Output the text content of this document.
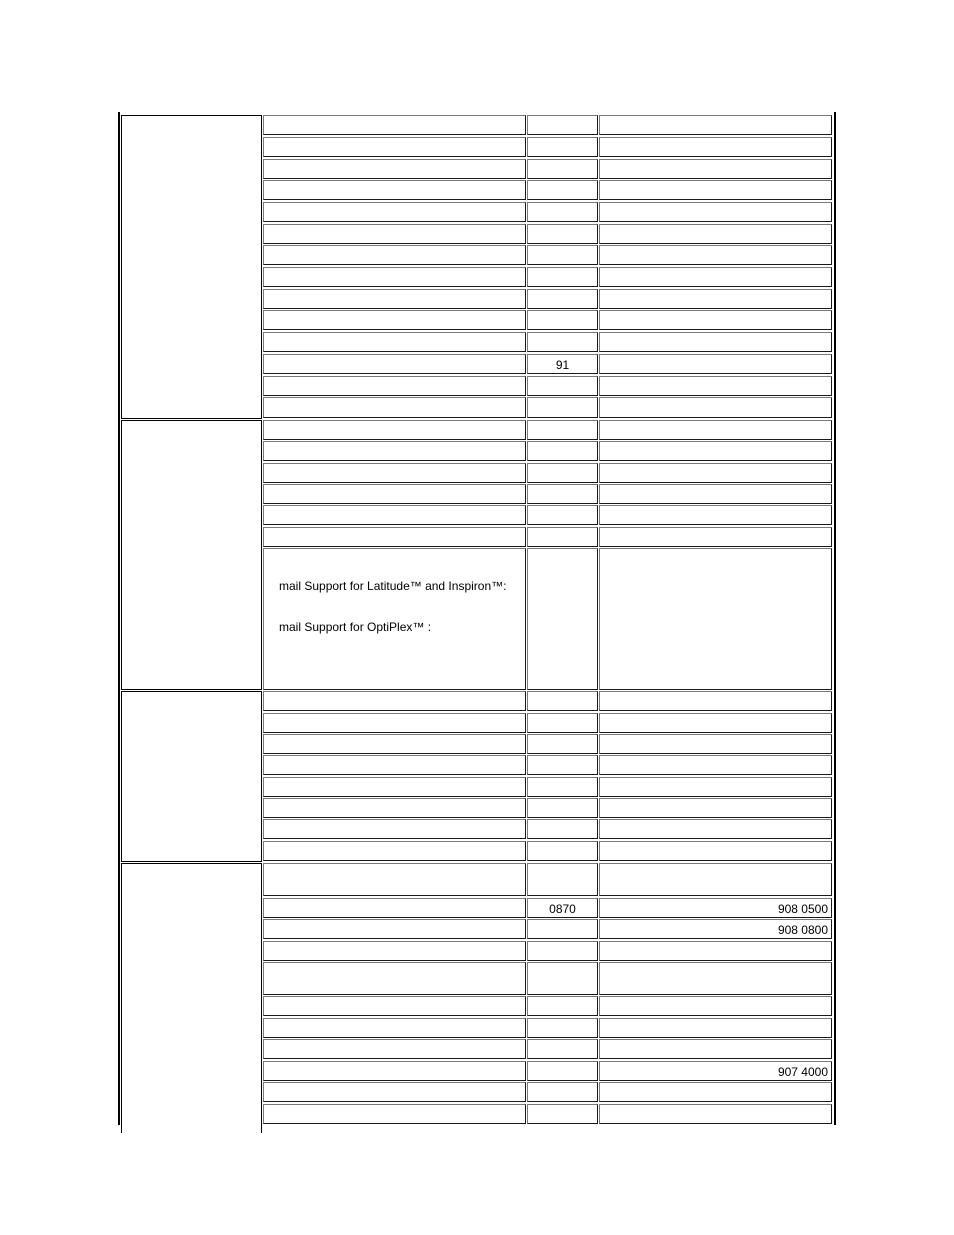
91
0870	908 0500
908 0800
907 4000
mail Support for Latitude™ and Inspiron™:
mail Support for OptiPlex™ :
